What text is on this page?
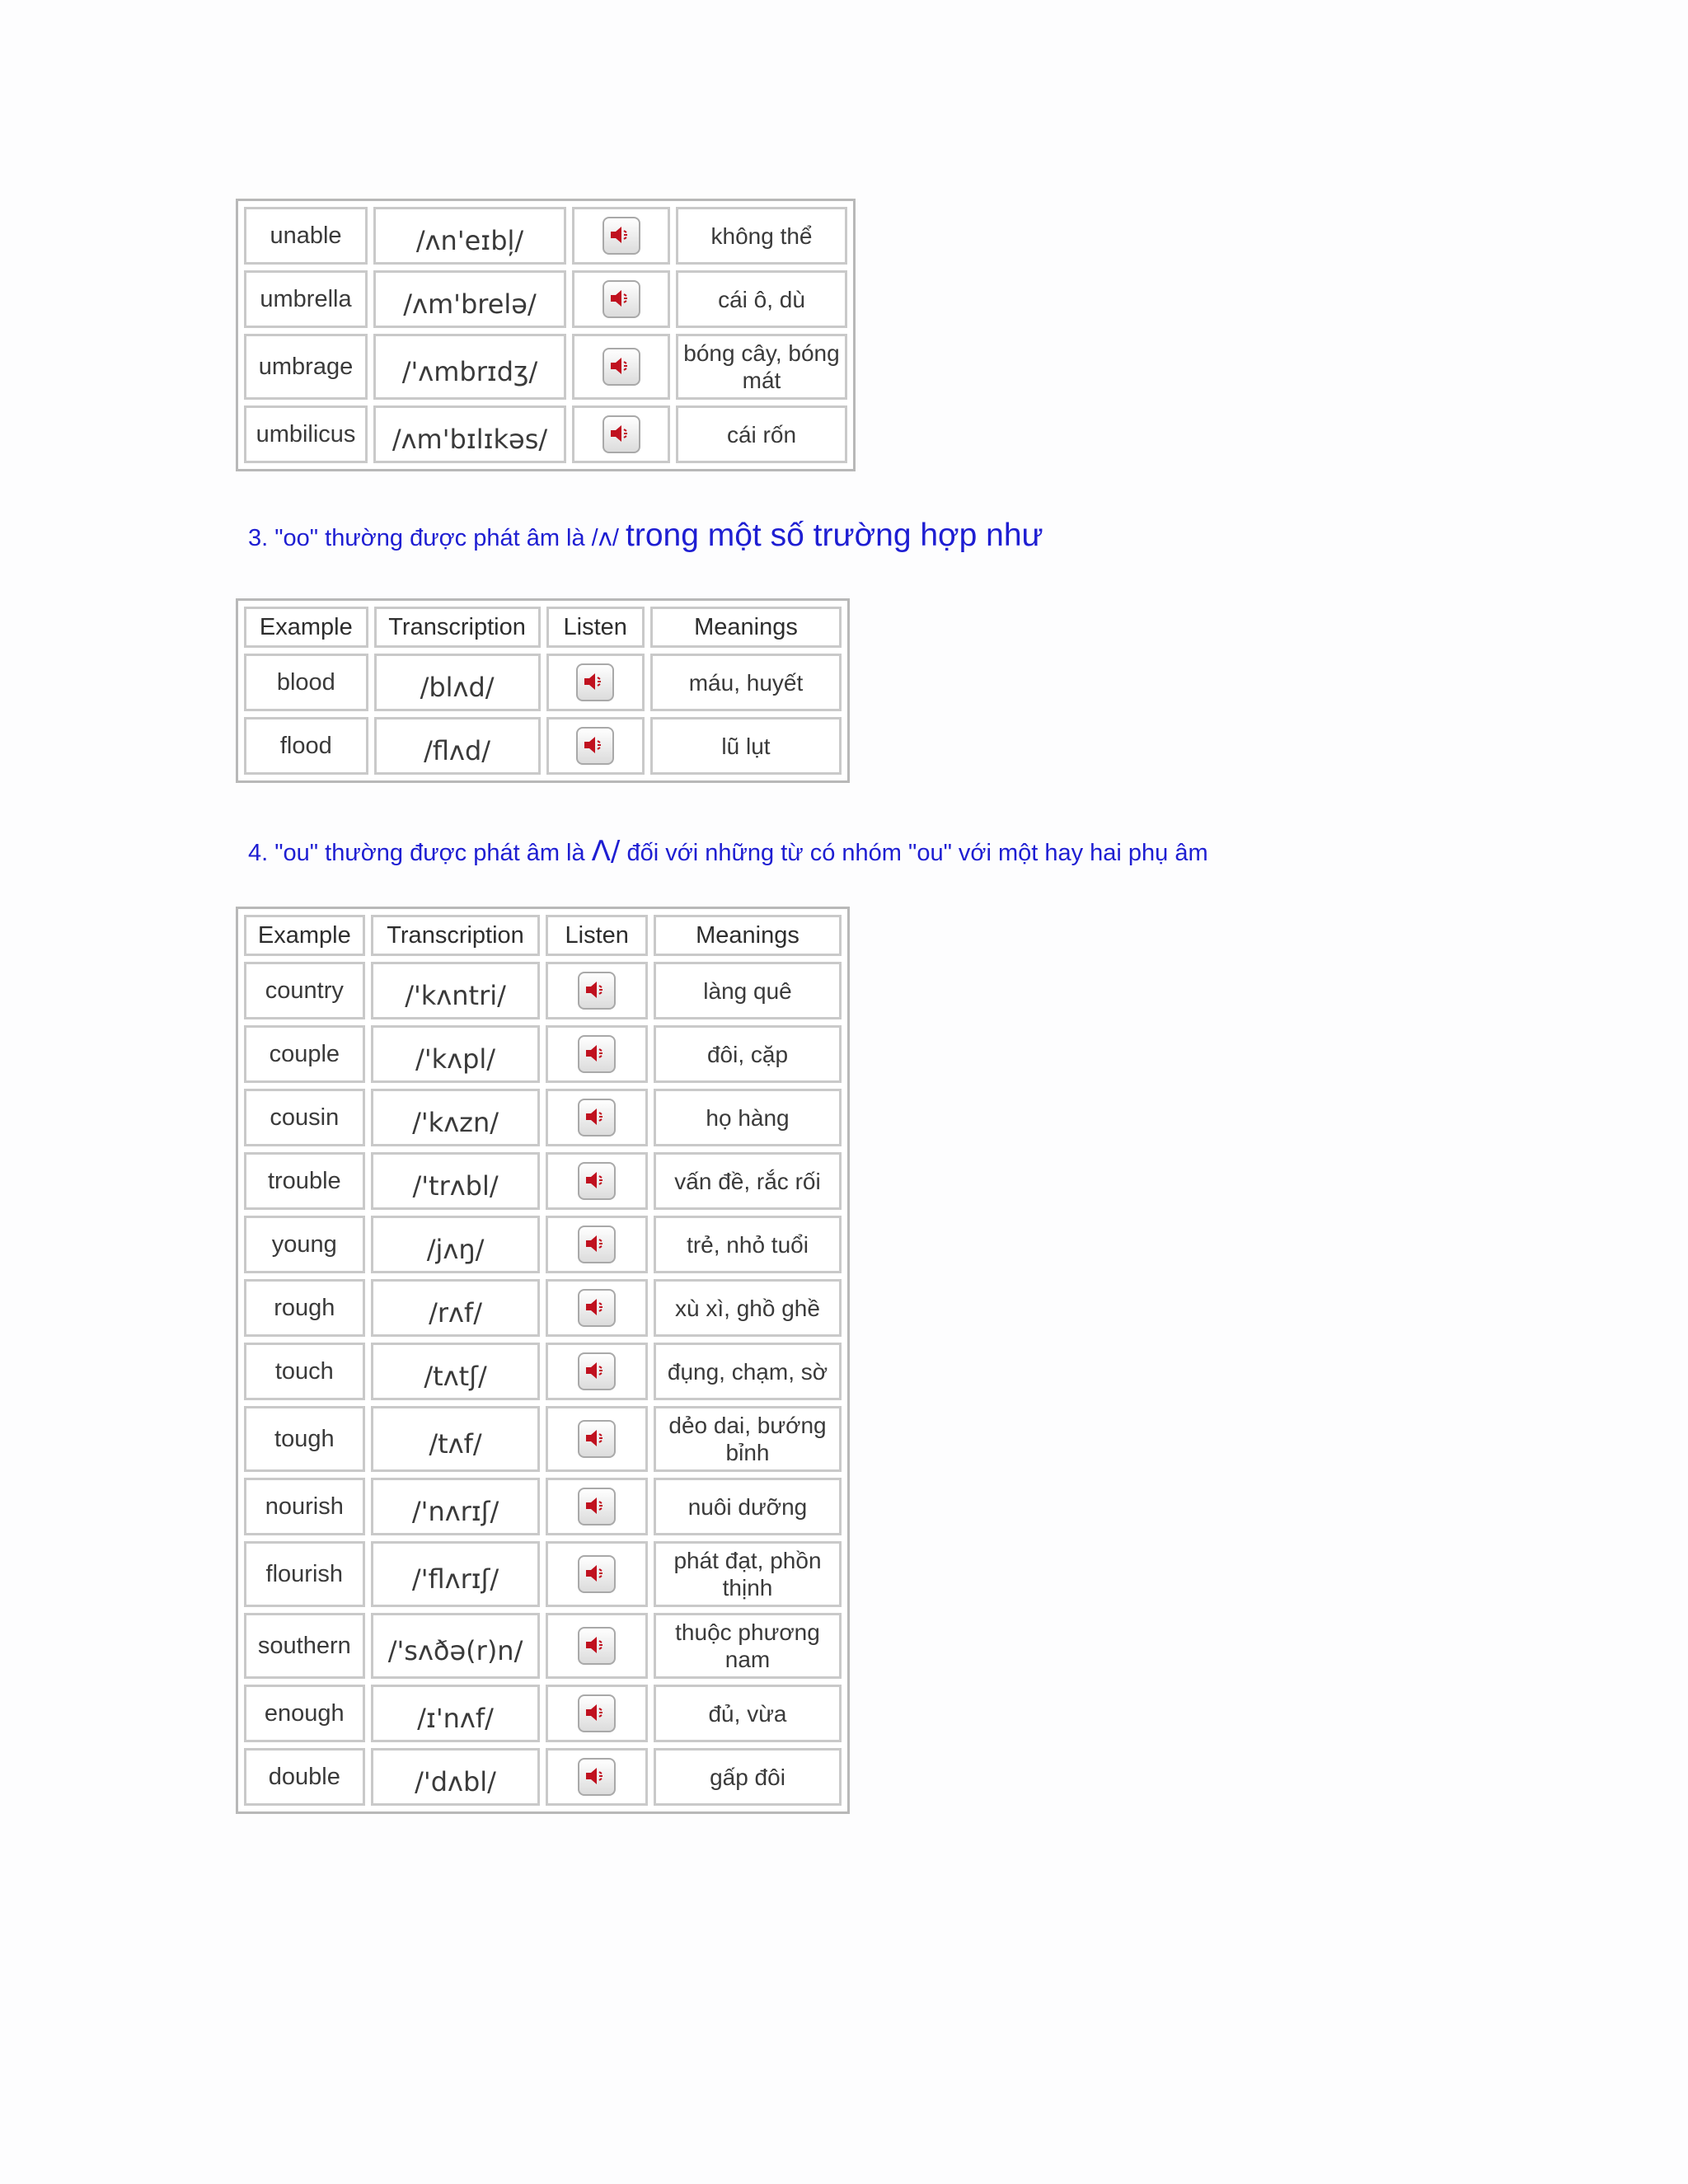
unable	/ʌn'eɪbļ/		không thể
umbrella	/ʌm'brelə/		cái ô, dù
umbrage	/'ʌmbrɪdʒ/		bóng cây, bóng mát
umbilicus	/ʌm'bɪlɪkəs/		cái rốn
3. "oo" thường được phát âm là /ʌ/ trong một số trường hợp như
Example	Transcription	Listen	Meanings
blood	/blʌd/		máu, huyết
flood	/flʌd/		lũ lụt
4. "ou" thường được phát âm là Λ/ đối với những từ có nhóm "ou" với một hay hai phụ âm
Example	Transcription	Listen	Meanings
country	/'kʌntri/		làng quê
couple	/'kʌpl/		đôi, cặp
cousin	/'kʌzn/		họ hàng
trouble	/'trʌbl/		vấn đề, rắc rối
young	/jʌŋ/		trẻ, nhỏ tuổi
rough	/rʌf/		xù xì, ghồ ghề
touch	/tʌtʃ/		đụng, chạm, sờ
tough	/tʌf/		dẻo dai, bướng bỉnh
nourish	/'nʌrɪʃ/		nuôi dưỡng
flourish	/'flʌrɪʃ/		phát đạt, phồn thịnh
southern	/'sʌðə(r)n/		thuộc phương nam
enough	/ɪ'nʌf/		đủ, vừa
double	/'dʌbl/		gấp đôi
